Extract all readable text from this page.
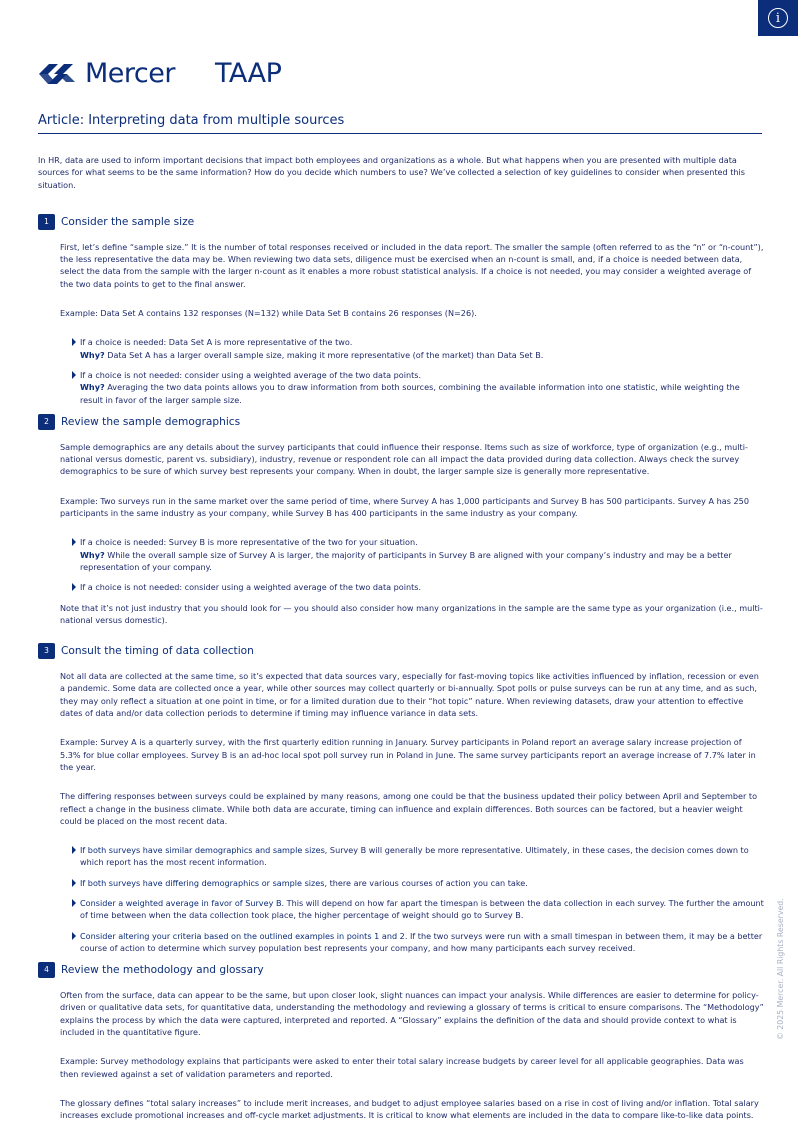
i
Mercer TAAP
Article: Interpreting data from multiple sources

In HR, data are used to inform important decisions that impact both employees and organizations as a whole. But what happens when you are presented with multiple data sources for what seems to be the same information? How do you decide which numbers to use? We’ve collected a selection of key guidelines to consider when presented this situation.

1	Consider the sample size

First, let’s define “sample size.” It is the number of total responses received or included in the data report. The smaller the sample (often referred to as the “n” or “n-count”), the less representative the data may be. When reviewing two data sets, diligence must be exercised when an n-count is small, and, if a choice is needed between data, select the data from the sample with the larger n-count as it enables a more robust statistical analysis. If a choice is not needed, you may consider a weighted average of the two data points to get to the final answer.

Example: Data Set A contains 132 responses (N=132) while Data Set B contains 26 responses (N=26).

If a choice is needed: Data Set A is more representative of the two.
Why? Data Set A has a larger overall sample size, making it more representative (of the market) than Data Set B.
If a choice is not needed: consider using a weighted average of the two data points.
Why? Averaging the two data points allows you to draw information from both sources, combining the available information into one statistic, while weighting the result in favor of the larger sample size.
2	Review the sample demographics

Sample demographics are any details about the survey participants that could influence their response. Items such as size of workforce, type of organization (e.g., multi-national versus domestic, parent vs. subsidiary), industry, revenue or respondent role can all impact the data provided during data collection. Always check the survey demographics to be sure of which survey best represents your company. When in doubt, the larger sample size is generally more representative.

Example: Two surveys run in the same market over the same period of time, where Survey A has 1,000 participants and Survey B has 500 participants. Survey A has 250 participants in the same industry as your company, while Survey B has 400 participants in the same industry as your company.

If a choice is needed: Survey B is more representative of the two for your situation.
Why? While the overall sample size of Survey A is larger, the majority of participants in Survey B are aligned with your company’s industry and may be a better representation of your company.
If a choice is not needed: consider using a weighted average of the two data points.

Note that it’s not just industry that you should look for — you should also consider how many organizations in the sample are the same type as your organization (i.e., multi-national versus domestic).

3	Consult the timing of data collection

Not all data are collected at the same time, so it’s expected that data sources vary, especially for fast-moving topics like activities influenced by inflation, recession or even a pandemic. Some data are collected once a year, while other sources may collect quarterly or bi-annually. Spot polls or pulse surveys can be run at any time, and as such, they may only reflect a situation at one point in time, or for a limited duration due to their “hot topic” nature. When reviewing datasets, draw your attention to effective dates of data and/or data collection periods to determine if timing may influence variance in data sets.

Example: Survey A is a quarterly survey, with the first quarterly edition running in January. Survey participants in Poland report an average salary increase projection of 5.3% for blue collar employees. Survey B is an ad-hoc local spot poll survey run in Poland in June. The same survey participants report an average increase of 7.7% later in the year.

The differing responses between surveys could be explained by many reasons, among one could be that the business updated their policy between April and September to reflect a change in the business climate. While both data are accurate, timing can influence and explain differences. Both sources can be factored, but a heavier weight could be placed on the most recent data.

If both surveys have similar demographics and sample sizes, Survey B will generally be more representative. Ultimately, in these cases, the decision comes down to which report has the most recent information.
If both surveys have differing demographics or sample sizes, there are various courses of action you can take.
Consider a weighted average in favor of Survey B. This will depend on how far apart the timespan is between the data collection in each survey. The further the amount of time between when the data collection took place, the higher percentage of weight should go to Survey B.
Consider altering your criteria based on the outlined examples in points 1 and 2. If the two surveys were run with a small timespan in between them, it may be a better course of action to determine which survey population best represents your company, and how many participants each survey received.
4	Review the methodology and glossary

Often from the surface, data can appear to be the same, but upon closer look, slight nuances can impact your analysis. While differences are easier to determine for policy-driven or qualitative data sets, for quantitative data, understanding the methodology and reviewing a glossary of terms is critical to ensure comparisons. The “Methodology” explains the process by which the data were captured, interpreted and reported. A “Glossary” explains the definition of the data and should provide context to what is included in the quantitative figure.

Example: Survey methodology explains that participants were asked to enter their total salary increase budgets by career level for all applicable geographies. Data was then reviewed against a set of validation parameters and reported.

The glossary defines “total salary increases” to include merit increases, and budget to adjust employee salaries based on a rise in cost of living and/or inflation. Total salary increases exclude promotional increases and off-cycle market adjustments. It is critical to know what elements are included in the data to compare like-to-like data points.

© 2025 Mercer. All Rights Reserved.
